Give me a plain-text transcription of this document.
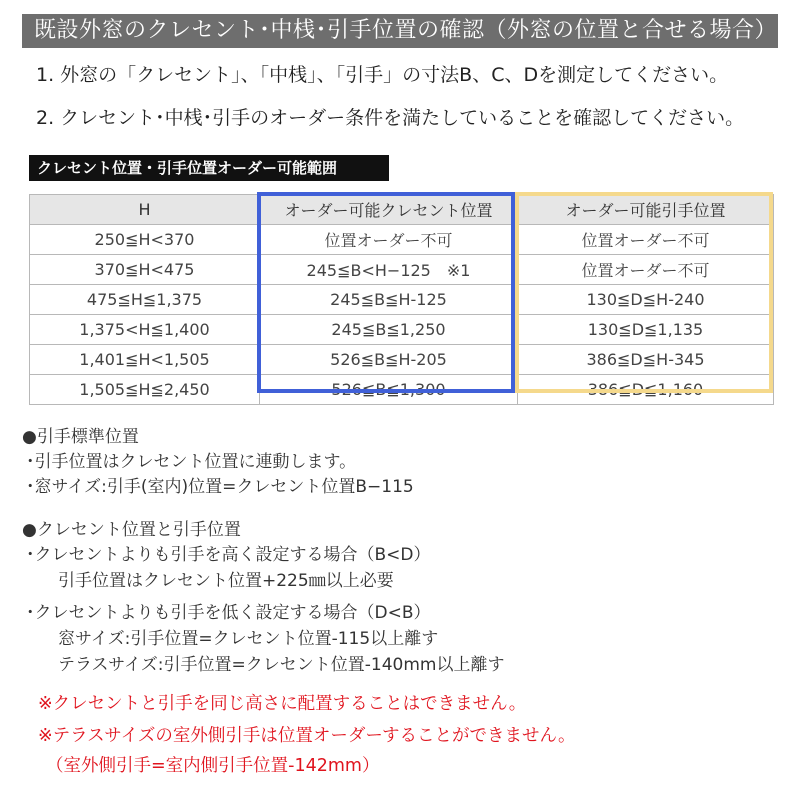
既設外窓のクレセント･中桟･引手位置の確認（外窓の位置と合せる場合）
1. 外窓の「クレセント」、「中桟」、「引手」の寸法B、C、Dを測定してください。
2. クレセント･中桟･引手のオーダー条件を満たしていることを確認してください。
クレセント位置・引手位置オーダー可能範囲
H	オーダー可能クレセント位置	オーダー可能引手位置
250≦H<370	位置オーダー不可	位置オーダー不可
370≦H<475	245≦B<H−125　※1	位置オーダー不可
475≦H≦1,375	245≦B≦H-125	130≦D≦H-240
1,375<H≦1,400	245≦B≦1,250	130≦D≦1,135
1,401≦H<1,505	526≦B≦H-205	386≦D≦H-345
1,505≦H≦2,450	526≦B≦1,300	386≦D≦1,160
●引手標準位置
･引手位置はクレセント位置に連動します。
･窓サイズ:引手(室内)位置=クレセント位置B−115
●クレセント位置と引手位置
･クレセントよりも引手を高く設定する場合（B<D）
引手位置はクレセント位置+225㎜以上必要
･クレセントよりも引手を低く設定する場合（D<B）
窓サイズ:引手位置=クレセント位置-115以上離す
テラスサイズ:引手位置=クレセント位置-140mm以上離す
※クレセントと引手を同じ高さに配置することはできません。
※テラスサイズの室外側引手は位置オーダーすることができません。
（室外側引手=室内側引手位置-142mm）
